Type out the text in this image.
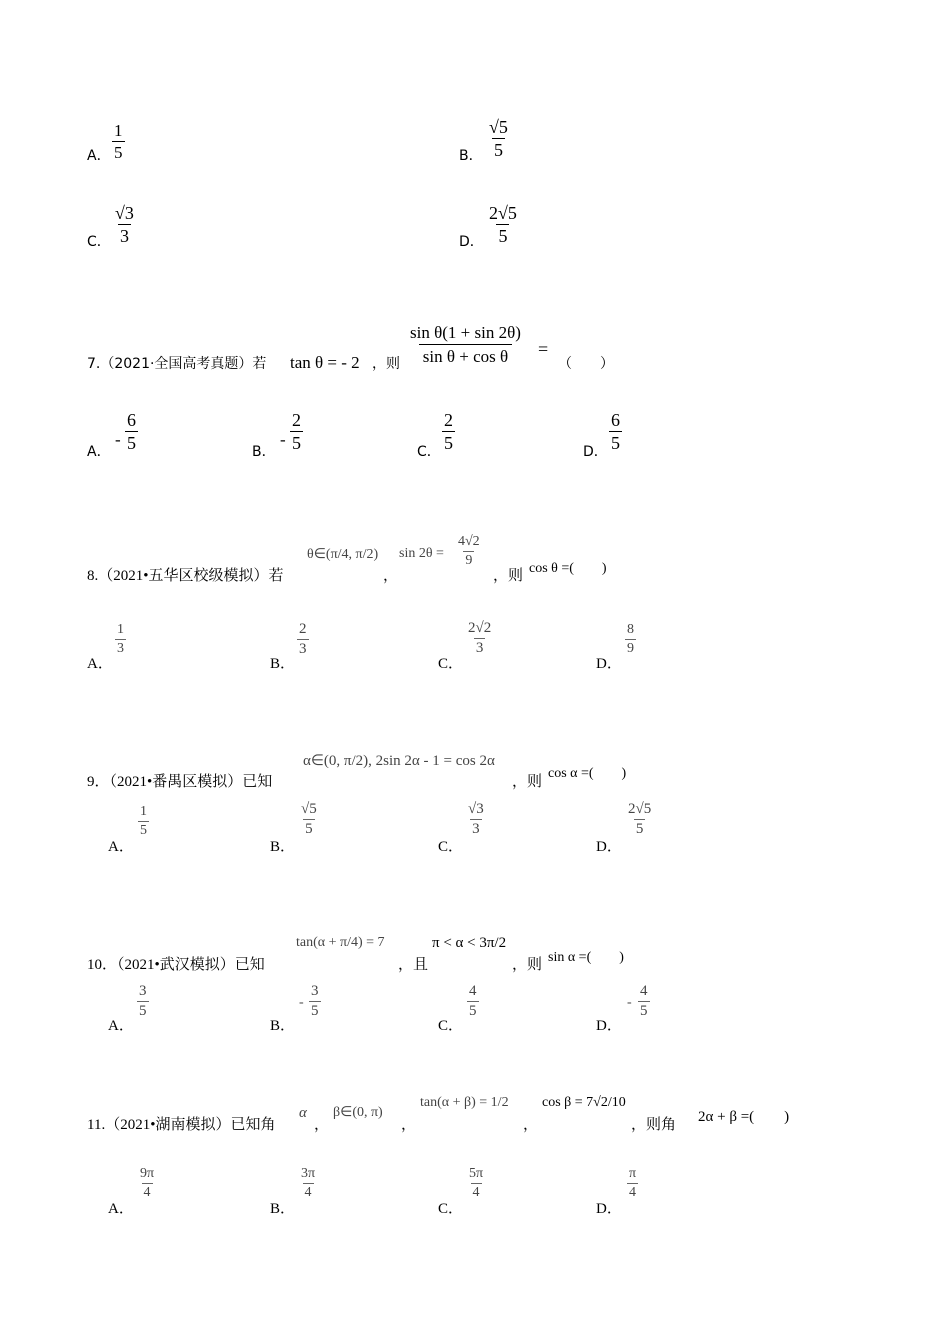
A． $\frac{1}{5}$	B． $\frac{√5}{5}$
C． $\frac{√3}{3}$	D． $\frac{2√5}{5}$
7.（2021·全国高考真题）若 tan θ = - 2 ，则 $\frac{\text{sin θ(1 + sin 2θ)}}{\text{sin θ + cos θ}}$ =
（　　）
A．
- $\frac{6}{5}$	B．
- $\frac{2}{5}$	C． $\frac{2}{5}$	D． $\frac{6}{5}$
8.（2021•五华区校级模拟）若
θ∈(π/4, π/2)
，
$\sin 2\theta = \frac{4√2}{9}$
，则 cos θ =(　　)
A．
$\frac{1}{3}$
B．
$\frac{2}{3}$
C．
$\frac{2√2}{3}$
D．
$\frac{8}{9}$
9．（2021•番禺区模拟）已知
α∈(0, π/2), 2sin 2α - 1 = cos 2α
，则
cos α =(　　)
A．
$\frac{1}{5}$
B．
$\frac{√5}{5}$
C．
$\frac{√3}{3}$
D．
$\frac{2√5}{5}$
10．（2021•武汉模拟）已知
tan(α + π/4) = 7
，且
π < α < 3π/2
，则 sin α =(　　)
A．
$\frac{3}{5}$
B．
- $\frac{3}{5}$
C．
$\frac{4}{5}$
D．
- $\frac{4}{5}$
11.（2021•湖南模拟）已知角
α
，
β∈(0, π)
，
tan(α + β) = 1/2
，
cos β = 7√2/10
，则角 2α + β =(　　)
A．
$\frac{9\pi}{4}$
B．
$\frac{3\pi}{4}$
C．
$\frac{5\pi}{4}$
D．
$\frac{\pi}{4}$
